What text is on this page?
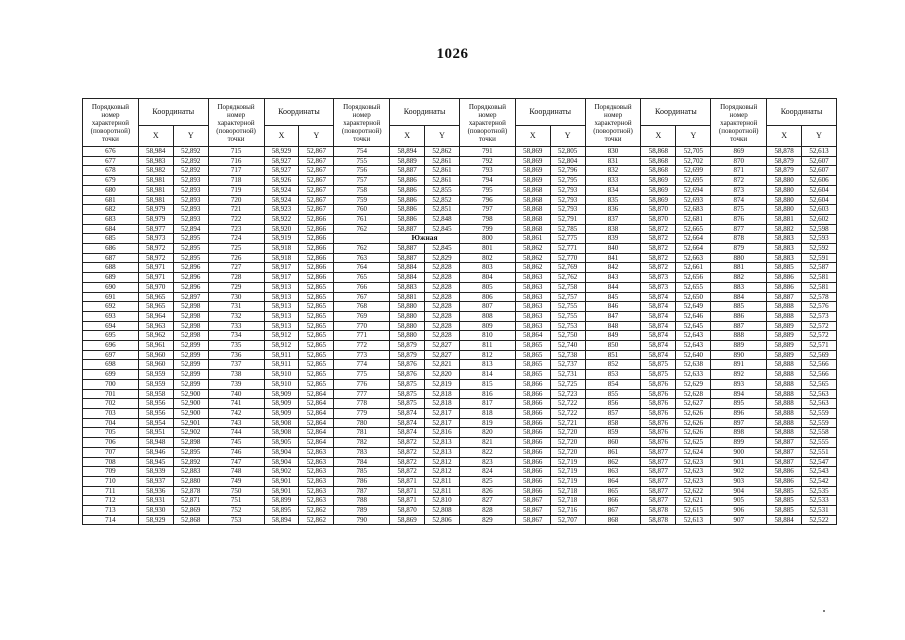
1026
Порядковый номер характерной (поворотной) точки	Координаты		Порядковый номер характерной (поворотной) точки	Координаты		Порядковый номер характерной (поворотной) точки	Координаты		Порядковый номер характерной (поворотной) точки	Координаты		Порядковый номер характерной (поворотной) точки	Координаты		Порядковый номер характерной (поворотной) точки	Координаты	
	X	Y		X	Y		X	Y		X	Y		X	Y		X	Y
676	58,984	52,892	715	58,929	52,867	754	58,894	52,862	791	58,869	52,805	830	58,868	52,705	869	58,878	52,613
677	58,983	52,892	716	58,927	52,867	755	58,889	52,861	792	58,869	52,804	831	58,868	52,702	870	58,879	52,607
678	58,982	52,892	717	58,927	52,867	756	58,887	52,861	793	58,869	52,796	832	58,868	52,699	871	58,879	52,607
679	58,981	52,893	718	58,926	52,867	757	58,886	52,861	794	58,869	52,795	833	58,869	52,695	872	58,880	52,606
680	58,981	52,893	719	58,924	52,867	758	58,886	52,855	795	58,868	52,793	834	58,869	52,694	873	58,880	52,604
681	58,981	52,893	720	58,924	52,867	759	58,886	52,852	796	58,868	52,793	835	58,869	52,693	874	58,880	52,604
682	58,979	52,893	721	58,923	52,867	760	58,886	52,851	797	58,868	52,793	836	58,870	52,683	875	58,880	52,603
683	58,979	52,893	722	58,922	52,866	761	58,886	52,848	798	58,868	52,791	837	58,870	52,681	876	58,881	52,602
684	58,977	52,894	723	58,920	52,866	762	58,887	52,845	799	58,868	52,785	838	58,872	52,665	877	58,882	52,598
685	58,973	52,895	724	58,919	52,866		Южная		800	58,861	52,775	839	58,872	52,664	878	58,883	52,593
686	58,972	52,895	725	58,918	52,866	762	58,887	52,845	801	58,862	52,771	840	58,872	52,664	879	58,883	52,592
687	58,972	52,895	726	58,918	52,866	763	58,887	52,829	802	58,862	52,770	841	58,872	52,663	880	58,883	52,591
688	58,971	52,896	727	58,917	52,866	764	58,884	52,828	803	58,862	52,769	842	58,872	52,661	881	58,885	52,587
689	58,971	52,896	728	58,917	52,866	765	58,884	52,828	804	58,863	52,762	843	58,873	52,656	882	58,886	52,581
690	58,970	52,896	729	58,913	52,865	766	58,883	52,828	805	58,863	52,758	844	58,873	52,655	883	58,886	52,581
691	58,965	52,897	730	58,913	52,865	767	58,881	52,828	806	58,863	52,757	845	58,874	52,650	884	58,887	52,578
692	58,965	52,898	731	58,913	52,865	768	58,880	52,828	807	58,863	52,755	846	58,874	52,649	885	58,888	52,576
693	58,964	52,898	732	58,913	52,865	769	58,880	52,828	808	58,863	52,755	847	58,874	52,646	886	58,888	52,573
694	58,963	52,898	733	58,913	52,865	770	58,880	52,828	809	58,863	52,753	848	58,874	52,645	887	58,889	52,572
695	58,962	52,898	734	58,912	52,865	771	58,880	52,828	810	58,864	52,750	849	58,874	52,643	888	58,889	52,572
696	58,961	52,899	735	58,912	52,865	772	58,879	52,827	811	58,865	52,740	850	58,874	52,643	889	58,889	52,571
697	58,960	52,899	736	58,911	52,865	773	58,879	52,827	812	58,865	52,738	851	58,874	52,640	890	58,889	52,569
698	58,960	52,899	737	58,911	52,865	774	58,876	52,821	813	58,865	52,737	852	58,875	52,638	891	58,888	52,566
699	58,959	52,899	738	58,910	52,865	775	58,876	52,820	814	58,865	52,731	853	58,875	52,633	892	58,888	52,566
700	58,959	52,899	739	58,910	52,865	776	58,875	52,819	815	58,866	52,725	854	58,876	52,629	893	58,888	52,565
701	58,958	52,900	740	58,909	52,864	777	58,875	52,818	816	58,866	52,723	855	58,876	52,628	894	58,888	52,563
702	58,956	52,900	741	58,909	52,864	778	58,875	52,818	817	58,866	52,722	856	58,876	52,627	895	58,888	52,563
703	58,956	52,900	742	58,909	52,864	779	58,874	52,817	818	58,866	52,722	857	58,876	52,626	896	58,888	52,559
704	58,954	52,901	743	58,908	52,864	780	58,874	52,817	819	58,866	52,721	858	58,876	52,626	897	58,888	52,559
705	58,951	52,902	744	58,908	52,864	781	58,874	52,816	820	58,866	52,720	859	58,876	52,626	898	58,888	52,558
706	58,948	52,898	745	58,905	52,864	782	58,872	52,813	821	58,866	52,720	860	58,876	52,625	899	58,887	52,555
707	58,946	52,895	746	58,904	52,863	783	58,872	52,813	822	58,866	52,720	861	58,877	52,624	900	58,887	52,551
708	58,945	52,892	747	58,904	52,863	784	58,872	52,812	823	58,866	52,719	862	58,877	52,623	901	58,887	52,547
709	58,939	52,883	748	58,902	52,863	785	58,872	52,812	824	58,866	52,719	863	58,877	52,623	902	58,886	52,543
710	58,937	52,880	749	58,901	52,863	786	58,871	52,811	825	58,866	52,719	864	58,877	52,623	903	58,886	52,542
711	58,936	52,878	750	58,901	52,863	787	58,871	52,811	826	58,866	52,718	865	58,877	52,622	904	58,885	52,535
712	58,931	52,871	751	58,899	52,863	788	58,871	52,810	827	58,867	52,718	866	58,877	52,621	905	58,885	52,533
713	58,930	52,869	752	58,895	52,862	789	58,870	52,808	828	58,867	52,716	867	58,878	52,615	906	58,885	52,531
714	58,929	52,868	753	58,894	52,862	790	58,869	52,806	829	58,867	52,707	868	58,878	52,613	907	58,884	52,522
